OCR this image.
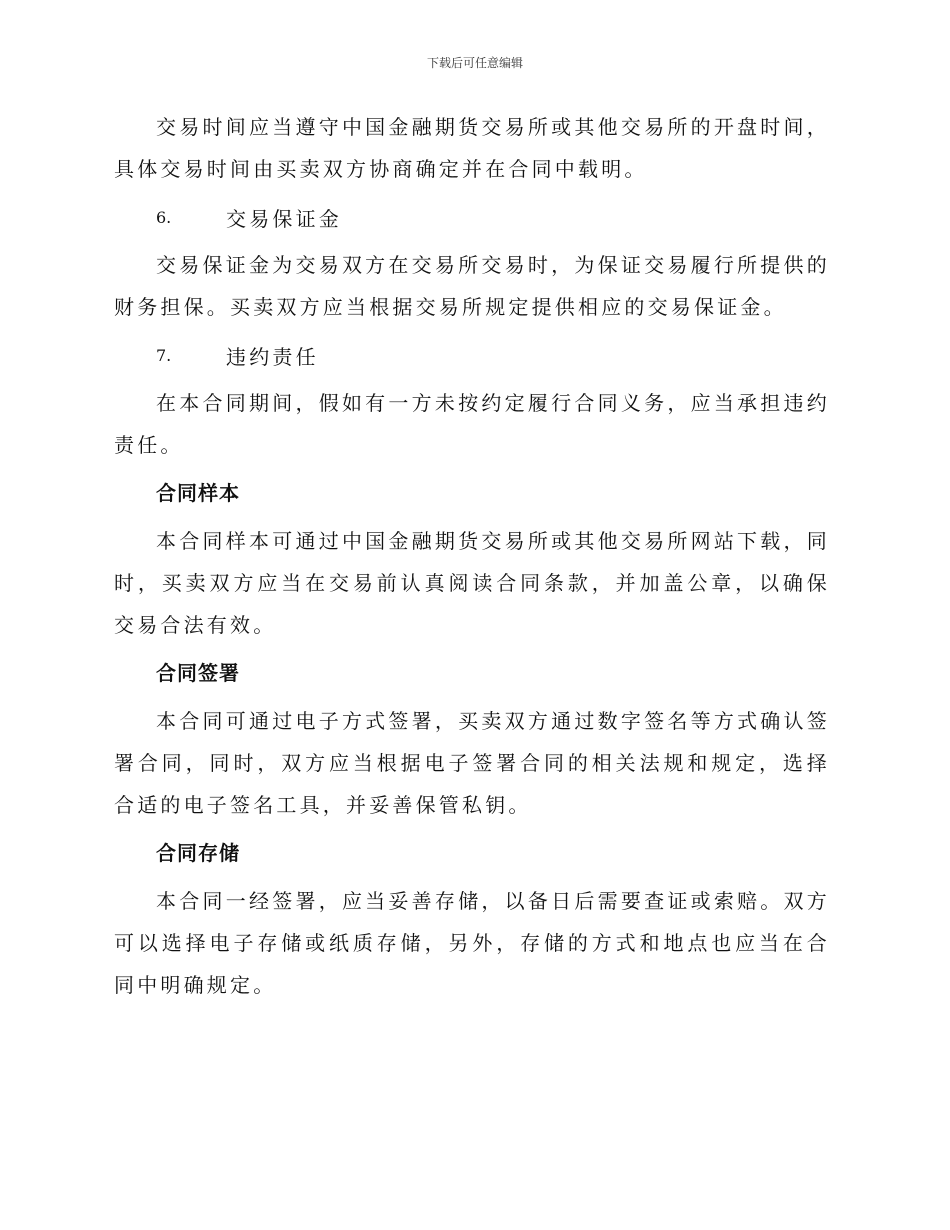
下载后可任意编辑

交易时间应当遵守中国金融期货交易所或其他交易所的开盘时间，具体交易时间由买卖双方协商确定并在合同中载明。

6.	交易保证金

交易保证金为交易双方在交易所交易时，为保证交易履行所提供的财务担保。买卖双方应当根据交易所规定提供相应的交易保证金。

7.	违约责任

在本合同期间，假如有一方未按约定履行合同义务，应当承担违约责任。

合同样本

本合同样本可通过中国金融期货交易所或其他交易所网站下载，同时，买卖双方应当在交易前认真阅读合同条款，并加盖公章，以确保交易合法有效。

合同签署

本合同可通过电子方式签署，买卖双方通过数字签名等方式确认签署合同，同时，双方应当根据电子签署合同的相关法规和规定，选择合适的电子签名工具，并妥善保管私钥。

合同存储

本合同一经签署，应当妥善存储，以备日后需要查证或索赔。双方可以选择电子存储或纸质存储，另外，存储的方式和地点也应当在合同中明确规定。
